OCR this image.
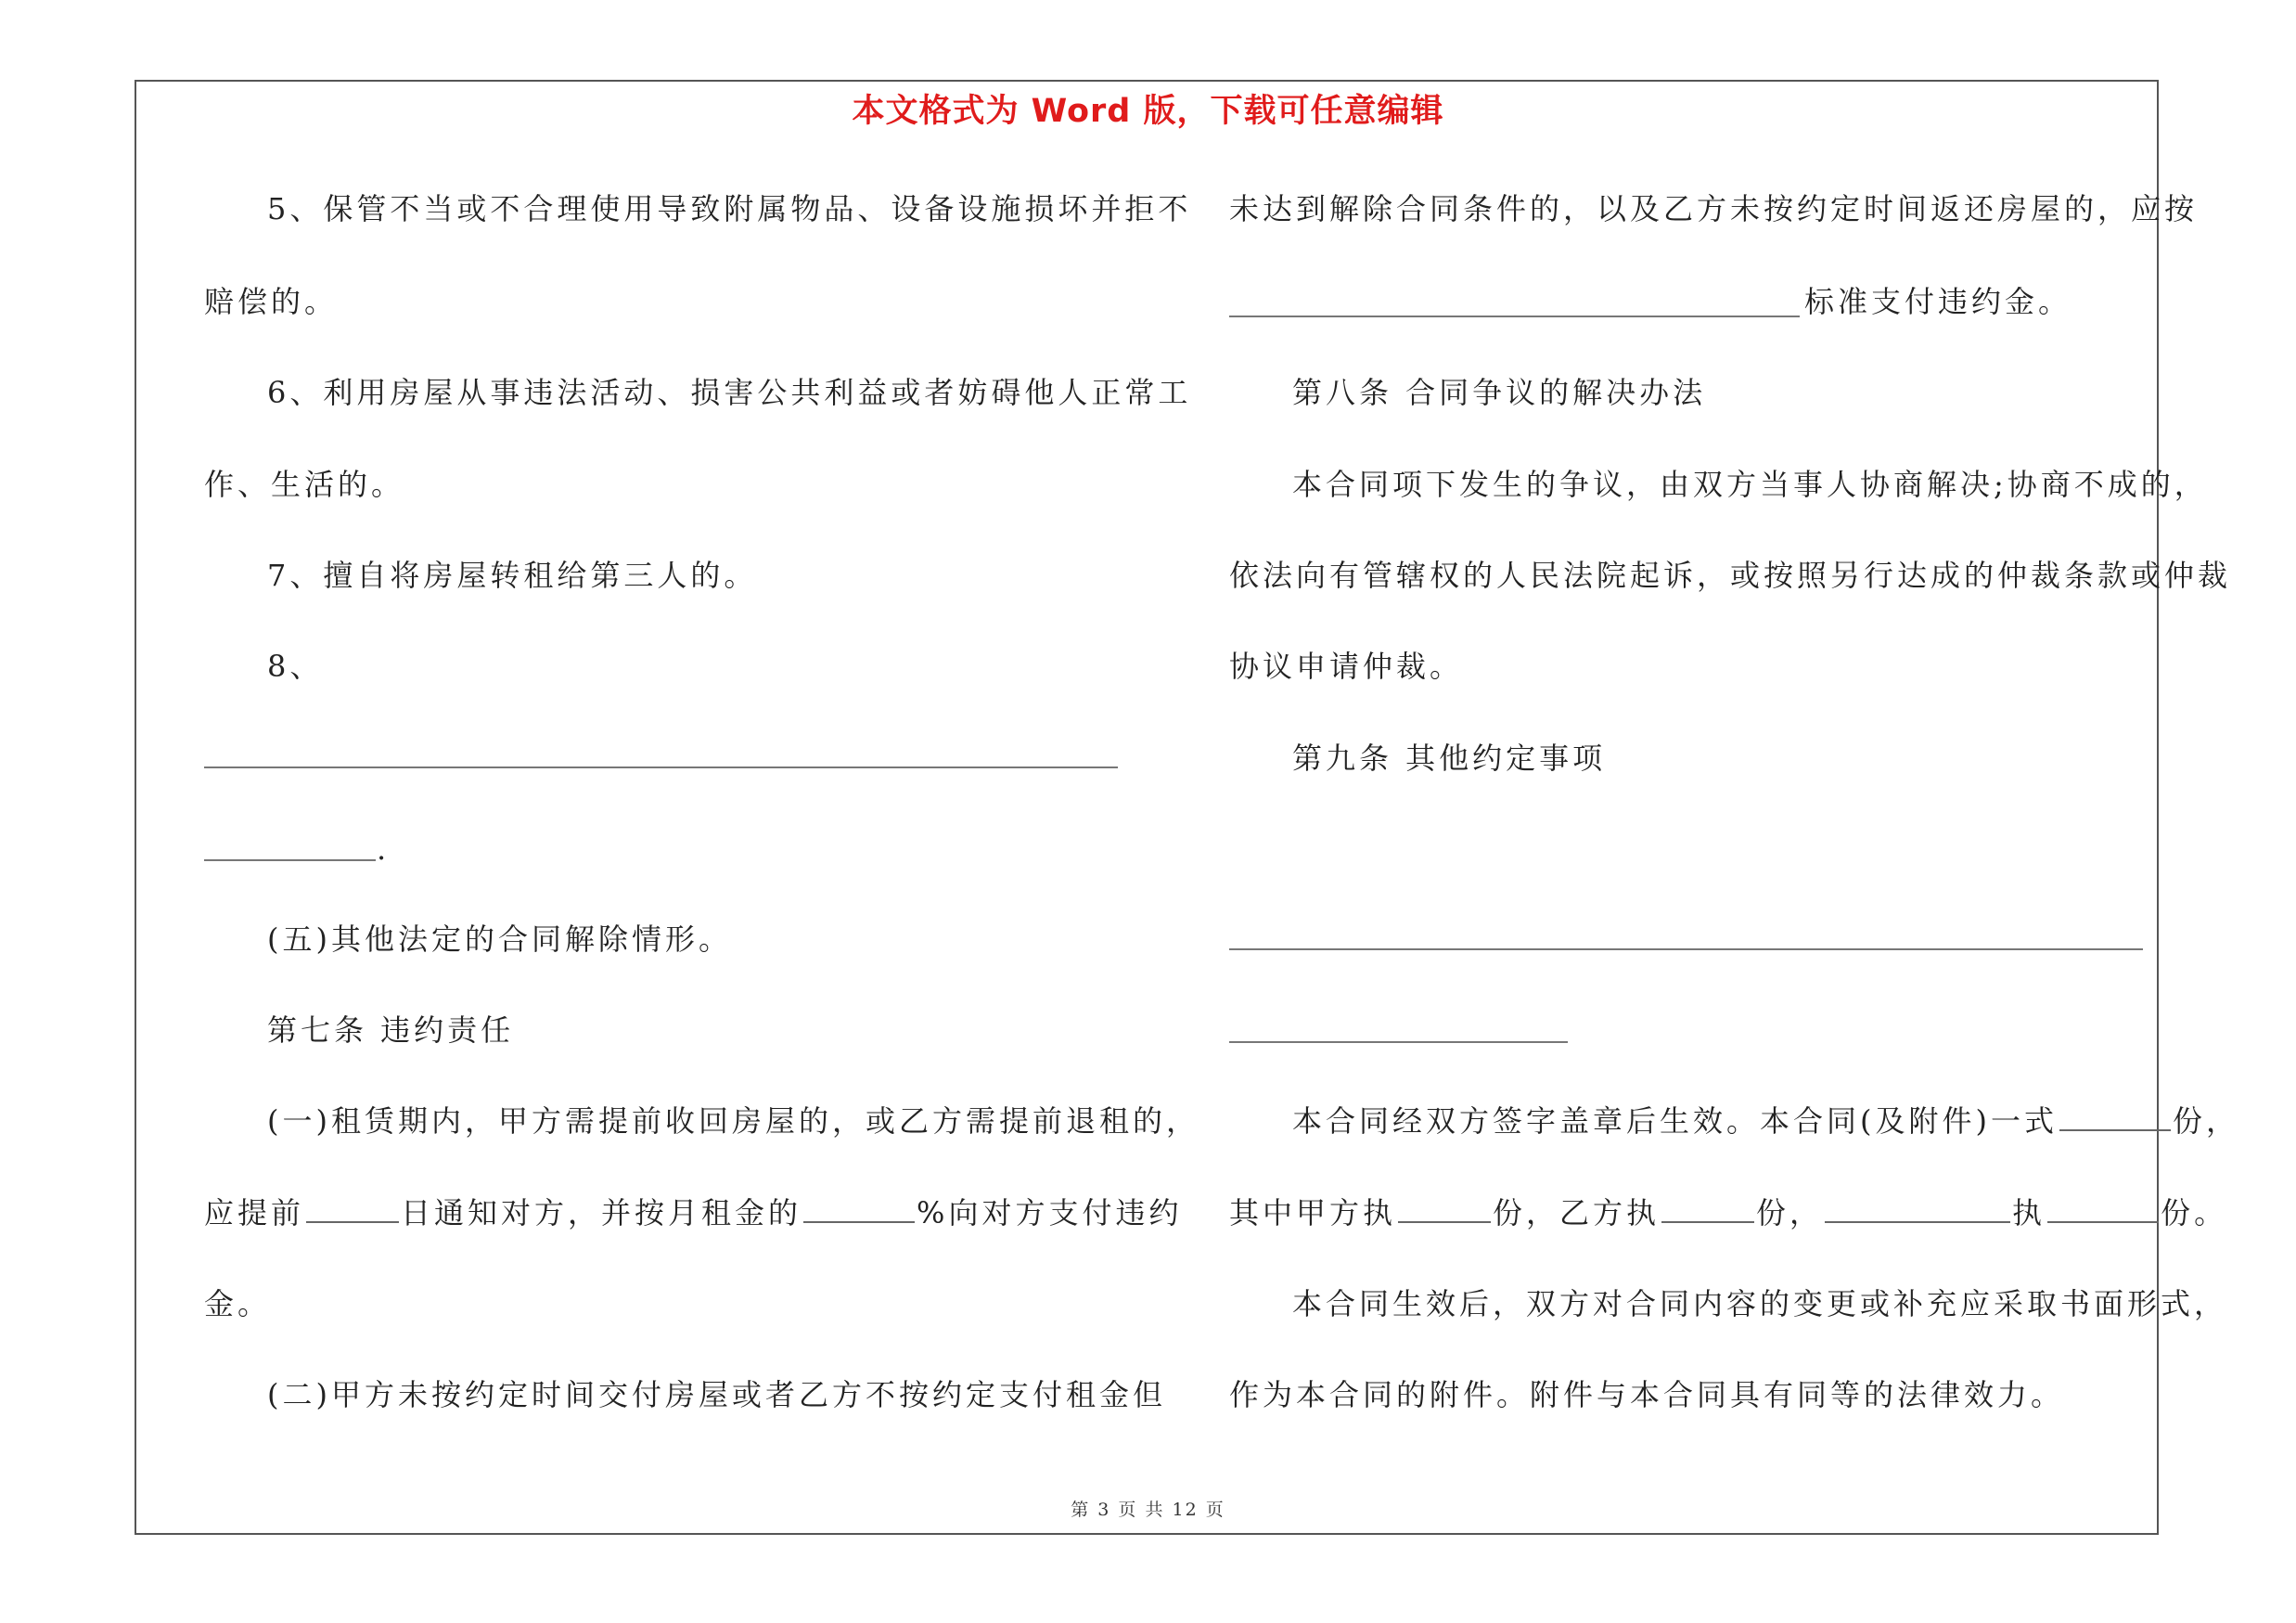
本文格式为 Word 版，下载可任意编辑
5、保管不当或不合理使用导致附属物品、设备设施损坏并拒不
赔偿的。
6、利用房屋从事违法活动、损害公共利益或者妨碍他人正常工
作、生活的。
7、擅自将房屋转租给第三人的。
8、
.
(五)其他法定的合同解除情形。
第七条 违约责任
(一)租赁期内，甲方需提前收回房屋的，或乙方需提前退租的，
应提前	日通知对方，并按月租金的	%向对方支付违约
金。
(二)甲方未按约定时间交付房屋或者乙方不按约定支付租金但
未达到解除合同条件的，以及乙方未按约定时间返还房屋的，应按
标准支付违约金。
第八条 合同争议的解决办法
本合同项下发生的争议，由双方当事人协商解决;协商不成的，
依法向有管辖权的人民法院起诉，或按照另行达成的仲裁条款或仲裁
协议申请仲裁。
第九条 其他约定事项
本合同经双方签字盖章后生效。本合同(及附件)一式	份，
其中甲方执	份，乙方执	份，	执	份。
本合同生效后，双方对合同内容的变更或补充应采取书面形式，
作为本合同的附件。附件与本合同具有同等的法律效力。
第 3 页 共 12 页
